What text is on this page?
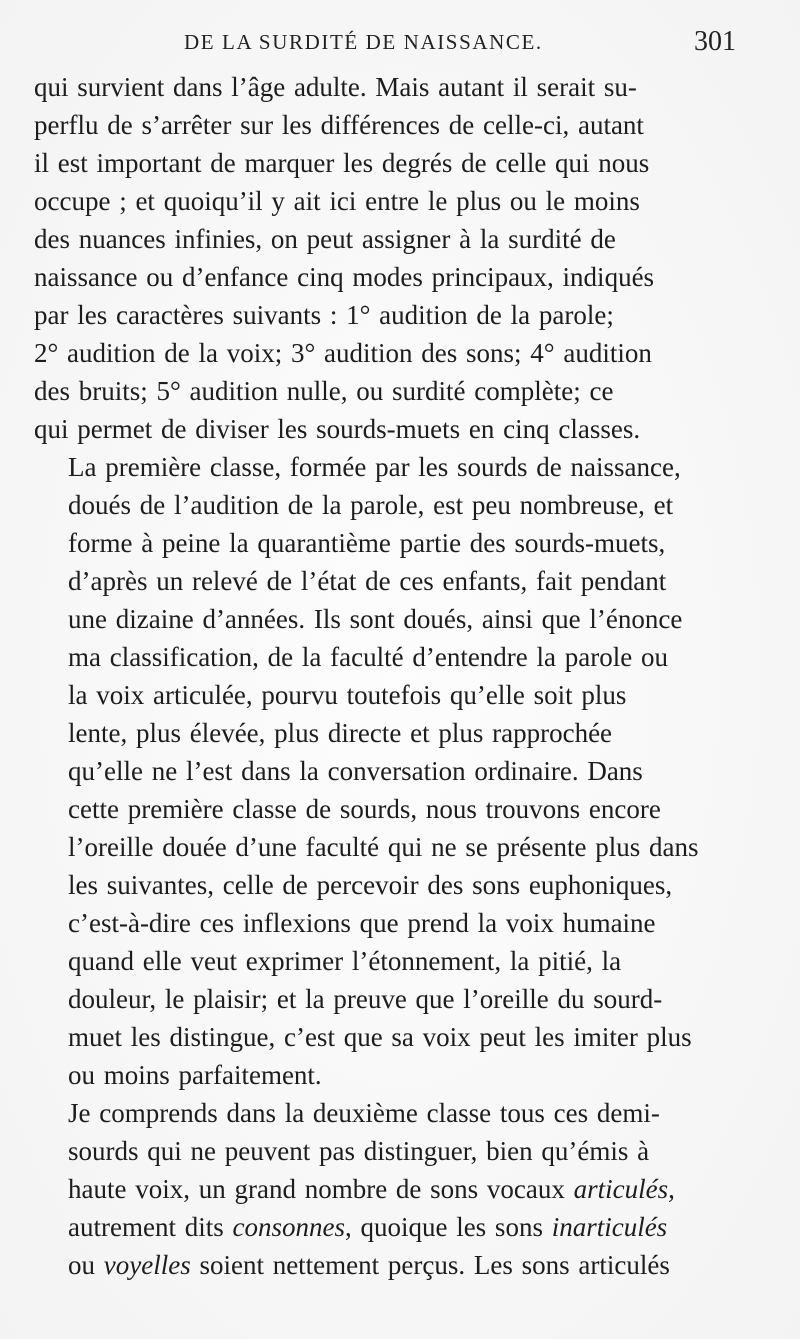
DE LA SURDITÉ DE NAISSANCE.	301

qui survient dans l’âge adulte. Mais autant il serait su-
perflu de s’arrêter sur les différences de celle-ci, autant
il est important de marquer les degrés de celle qui nous
occupe ; et quoiqu’il y ait ici entre le plus ou le moins
des nuances infinies, on peut assigner à la surdité de
naissance ou d’enfance cinq modes principaux, indiqués
par les caractères suivants : 1° audition de la parole;
2° audition de la voix; 3° audition des sons; 4° audition
des bruits; 5° audition nulle, ou surdité complète; ce
qui permet de diviser les sourds-muets en cinq classes.

La première classe, formée par les sourds de naissance,
doués de l’audition de la parole, est peu nombreuse, et
forme à peine la quarantième partie des sourds-muets,
d’après un relevé de l’état de ces enfants, fait pendant
une dizaine d’années. Ils sont doués, ainsi que l’énonce
ma classification, de la faculté d’entendre la parole ou
la voix articulée, pourvu toutefois qu’elle soit plus
lente, plus élevée, plus directe et plus rapprochée
qu’elle ne l’est dans la conversation ordinaire. Dans
cette première classe de sourds, nous trouvons encore
l’oreille douée d’une faculté qui ne se présente plus dans
les suivantes, celle de percevoir des sons euphoniques,
c’est-à-dire ces inflexions que prend la voix humaine
quand elle veut exprimer l’étonnement, la pitié, la
douleur, le plaisir; et la preuve que l’oreille du sourd-
muet les distingue, c’est que sa voix peut les imiter plus
ou moins parfaitement.

Je comprends dans la deuxième classe tous ces demi-
sourds qui ne peuvent pas distinguer, bien qu’émis à
haute voix, un grand nombre de sons vocaux articulés,
autrement dits consonnes, quoique les sons inarticulés
ou voyelles soient nettement perçus. Les sons articulés
